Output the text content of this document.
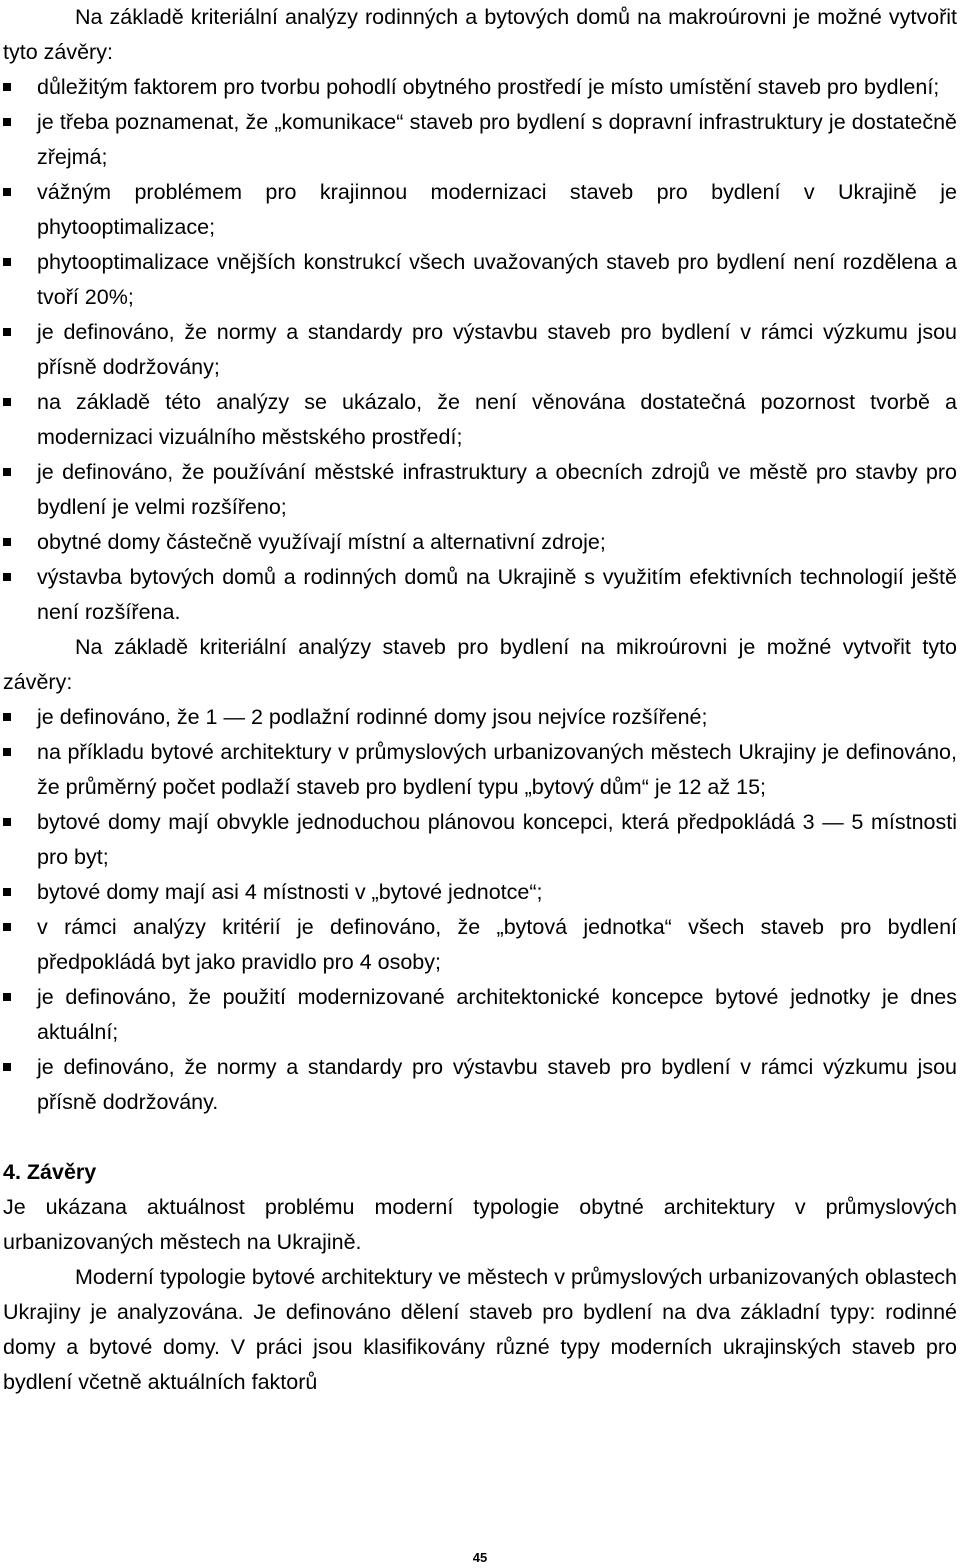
Na základě kriteriální analýzy rodinných a bytových domů na makroúrovni je možné vytvořit tyto závěry:

důležitým faktorem pro tvorbu pohodlí obytného prostředí je místo umístění staveb pro bydlení;
je třeba poznamenat, že „komunikace“ staveb pro bydlení s dopravní infrastruktury je dostatečně zřejmá;
vážným problémem pro krajinnou modernizaci staveb pro bydlení v Ukrajině je phytooptimalizace;
phytooptimalizace vnějších konstrukcí všech uvažovaných staveb pro bydlení není rozdělena a tvoří 20%;
je definováno, že normy a standardy pro výstavbu staveb pro bydlení v rámci výzkumu jsou přísně dodržovány;
na základě této analýzy se ukázalo, že není věnována dostatečná pozornost tvorbě a modernizaci vizuálního městského prostředí;
je definováno, že používání městské infrastruktury a obecních zdrojů ve městě pro stavby pro bydlení je velmi rozšířeno;
obytné domy částečně využívají místní a alternativní zdroje;
výstavba bytových domů a rodinných domů na Ukrajině s využitím efektivních technologií ještě není rozšířena.

Na základě kriteriální analýzy staveb pro bydlení na mikroúrovni je možné vytvořit tyto závěry:

je definováno, že 1 — 2 podlažní rodinné domy jsou nejvíce rozšířené;
na příkladu bytové architektury v průmyslových urbanizovaných městech Ukrajiny je definováno, že průměrný počet podlaží staveb pro bydlení typu „bytový dům“ je 12 až 15;
bytové domy mají obvykle jednoduchou plánovou koncepci, která předpokládá 3 — 5 místnosti pro byt;
bytové domy mají asi 4 místnosti v „bytové jednotce“;
v rámci analýzy kritérií je definováno, že „bytová jednotka“ všech staveb pro bydlení předpokládá byt jako pravidlo pro 4 osoby;
je definováno, že použití modernizované architektonické koncepce bytové jednotky je dnes aktuální;
je definováno, že normy a standardy pro výstavbu staveb pro bydlení v rámci výzkumu jsou přísně dodržovány.
4. Závěry

Je ukázana aktuálnost problému moderní typologie obytné architektury v průmyslových urbanizovaných městech na Ukrajině.

Moderní typologie bytové architektury ve městech v průmyslových urbanizovaných oblastech Ukrajiny je analyzována. Je definováno dělení staveb pro bydlení na dva základní typy: rodinné domy a bytové domy. V práci jsou klasifikovány různé typy moderních ukrajinských staveb pro bydlení včetně aktuálních faktorů

45
